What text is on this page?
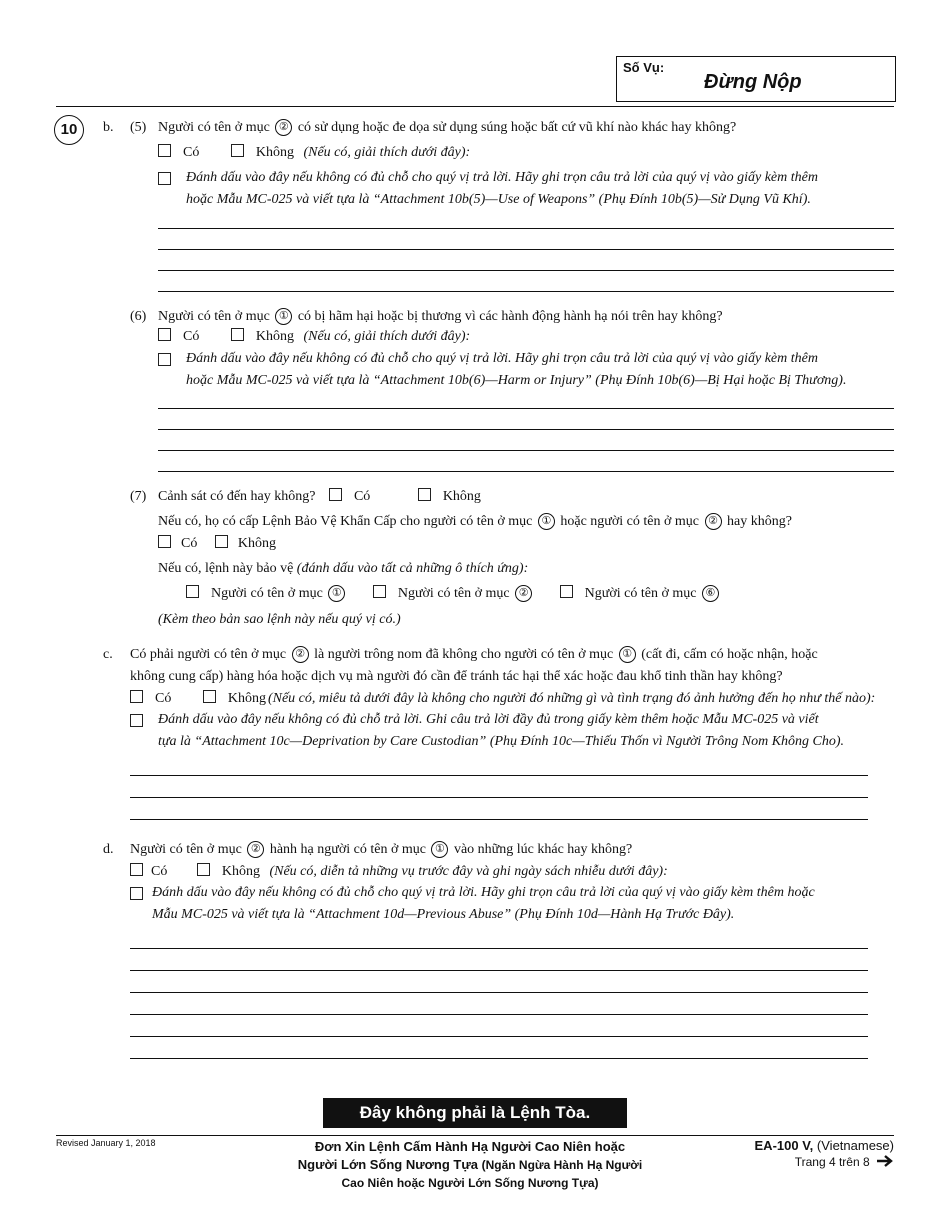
Số Vụ:
Đừng Nộp
10	b. (5) Người có tên ở mục ② có sử dụng hoặc đe dọa sử dụng súng hoặc bất cứ vũ khí nào khác hay không?
Có	Không (Nếu có, giải thích dưới đây):
Đánh dấu vào đây nếu không có đủ chỗ cho quý vị trả lời. Hãy ghi trọn câu trả lời của quý vị vào giấy kèm thêm
hoặc Mẫu MC-025 và viết tựa là “Attachment 10b(5)—Use of Weapons” (Phụ Đính 10b(5)—Sử Dụng Vũ Khí).
(6) Người có tên ở mục ① có bị hãm hại hoặc bị thương vì các hành động hành hạ nói trên hay không?
Có	Không (Nếu có, giải thích dưới đây):
Đánh dấu vào đây nếu không có đủ chỗ cho quý vị trả lời. Hãy ghi trọn câu trả lời của quý vị vào giấy kèm thêm
hoặc Mẫu MC-025 và viết tựa là “Attachment 10b(6)—Harm or Injury” (Phụ Đính 10b(6)—Bị Hại hoặc Bị Thương).
(7) Cảnh sát có đến hay không?	Có	Không
Nếu có, họ có cấp Lệnh Bảo Vệ Khẩn Cấp cho người có tên ở mục ① hoặc người có tên ở mục ② hay không?
Có	Không
Nếu có, lệnh này bảo vệ (đánh dấu vào tất cả những ô thích ứng):
Người có tên ở mục ①	Người có tên ở mục ②	Người có tên ở mục ⑥
(Kèm theo bản sao lệnh này nếu quý vị có.)
c. Có phải người có tên ở mục ② là người trông nom đã không cho người có tên ở mục ① (cất đi, cấm có hoặc nhận, hoặc
không cung cấp) hàng hóa hoặc dịch vụ mà người đó cần để tránh tác hại thể xác hoặc đau khổ tinh thần hay không?
Có	Không (Nếu có, miêu tả dưới đây là không cho người đó những gì và tình trạng đó ảnh hưởng đến họ như thế nào):
Đánh dấu vào đây nếu không có đủ chỗ trả lời. Ghi câu trả lời đầy đủ trong giấy kèm thêm hoặc Mẫu MC-025 và viết
tựa là “Attachment 10c—Deprivation by Care Custodian” (Phụ Đính 10c—Thiếu Thốn vì Người Trông Nom Không Cho).
d. Người có tên ở mục ② hành hạ người có tên ở mục ① vào những lúc khác hay không?
Có	Không (Nếu có, diễn tả những vụ trước đây và ghi ngày sách nhiễu dưới đây):
Đánh dấu vào đây nếu không có đủ chỗ cho quý vị trả lời. Hãy ghi trọn câu trả lời của quý vị vào giấy kèm thêm hoặc
Mẫu MC-025 và viết tựa là “Attachment 10d—Previous Abuse” (Phụ Đính 10d—Hành Hạ Trước Đây).
Đây không phải là Lệnh Tòa.
Revised January 1, 2018	Đơn Xin Lệnh Cấm Hành Hạ Người Cao Niên hoặc
Người Lớn Sống Nương Tựa (Ngăn Ngừa Hành Hạ Người
Cao Niên hoặc Người Lớn Sống Nương Tựa)
EA-100 V, (Vietnamese)
Trang 4 trên 8
